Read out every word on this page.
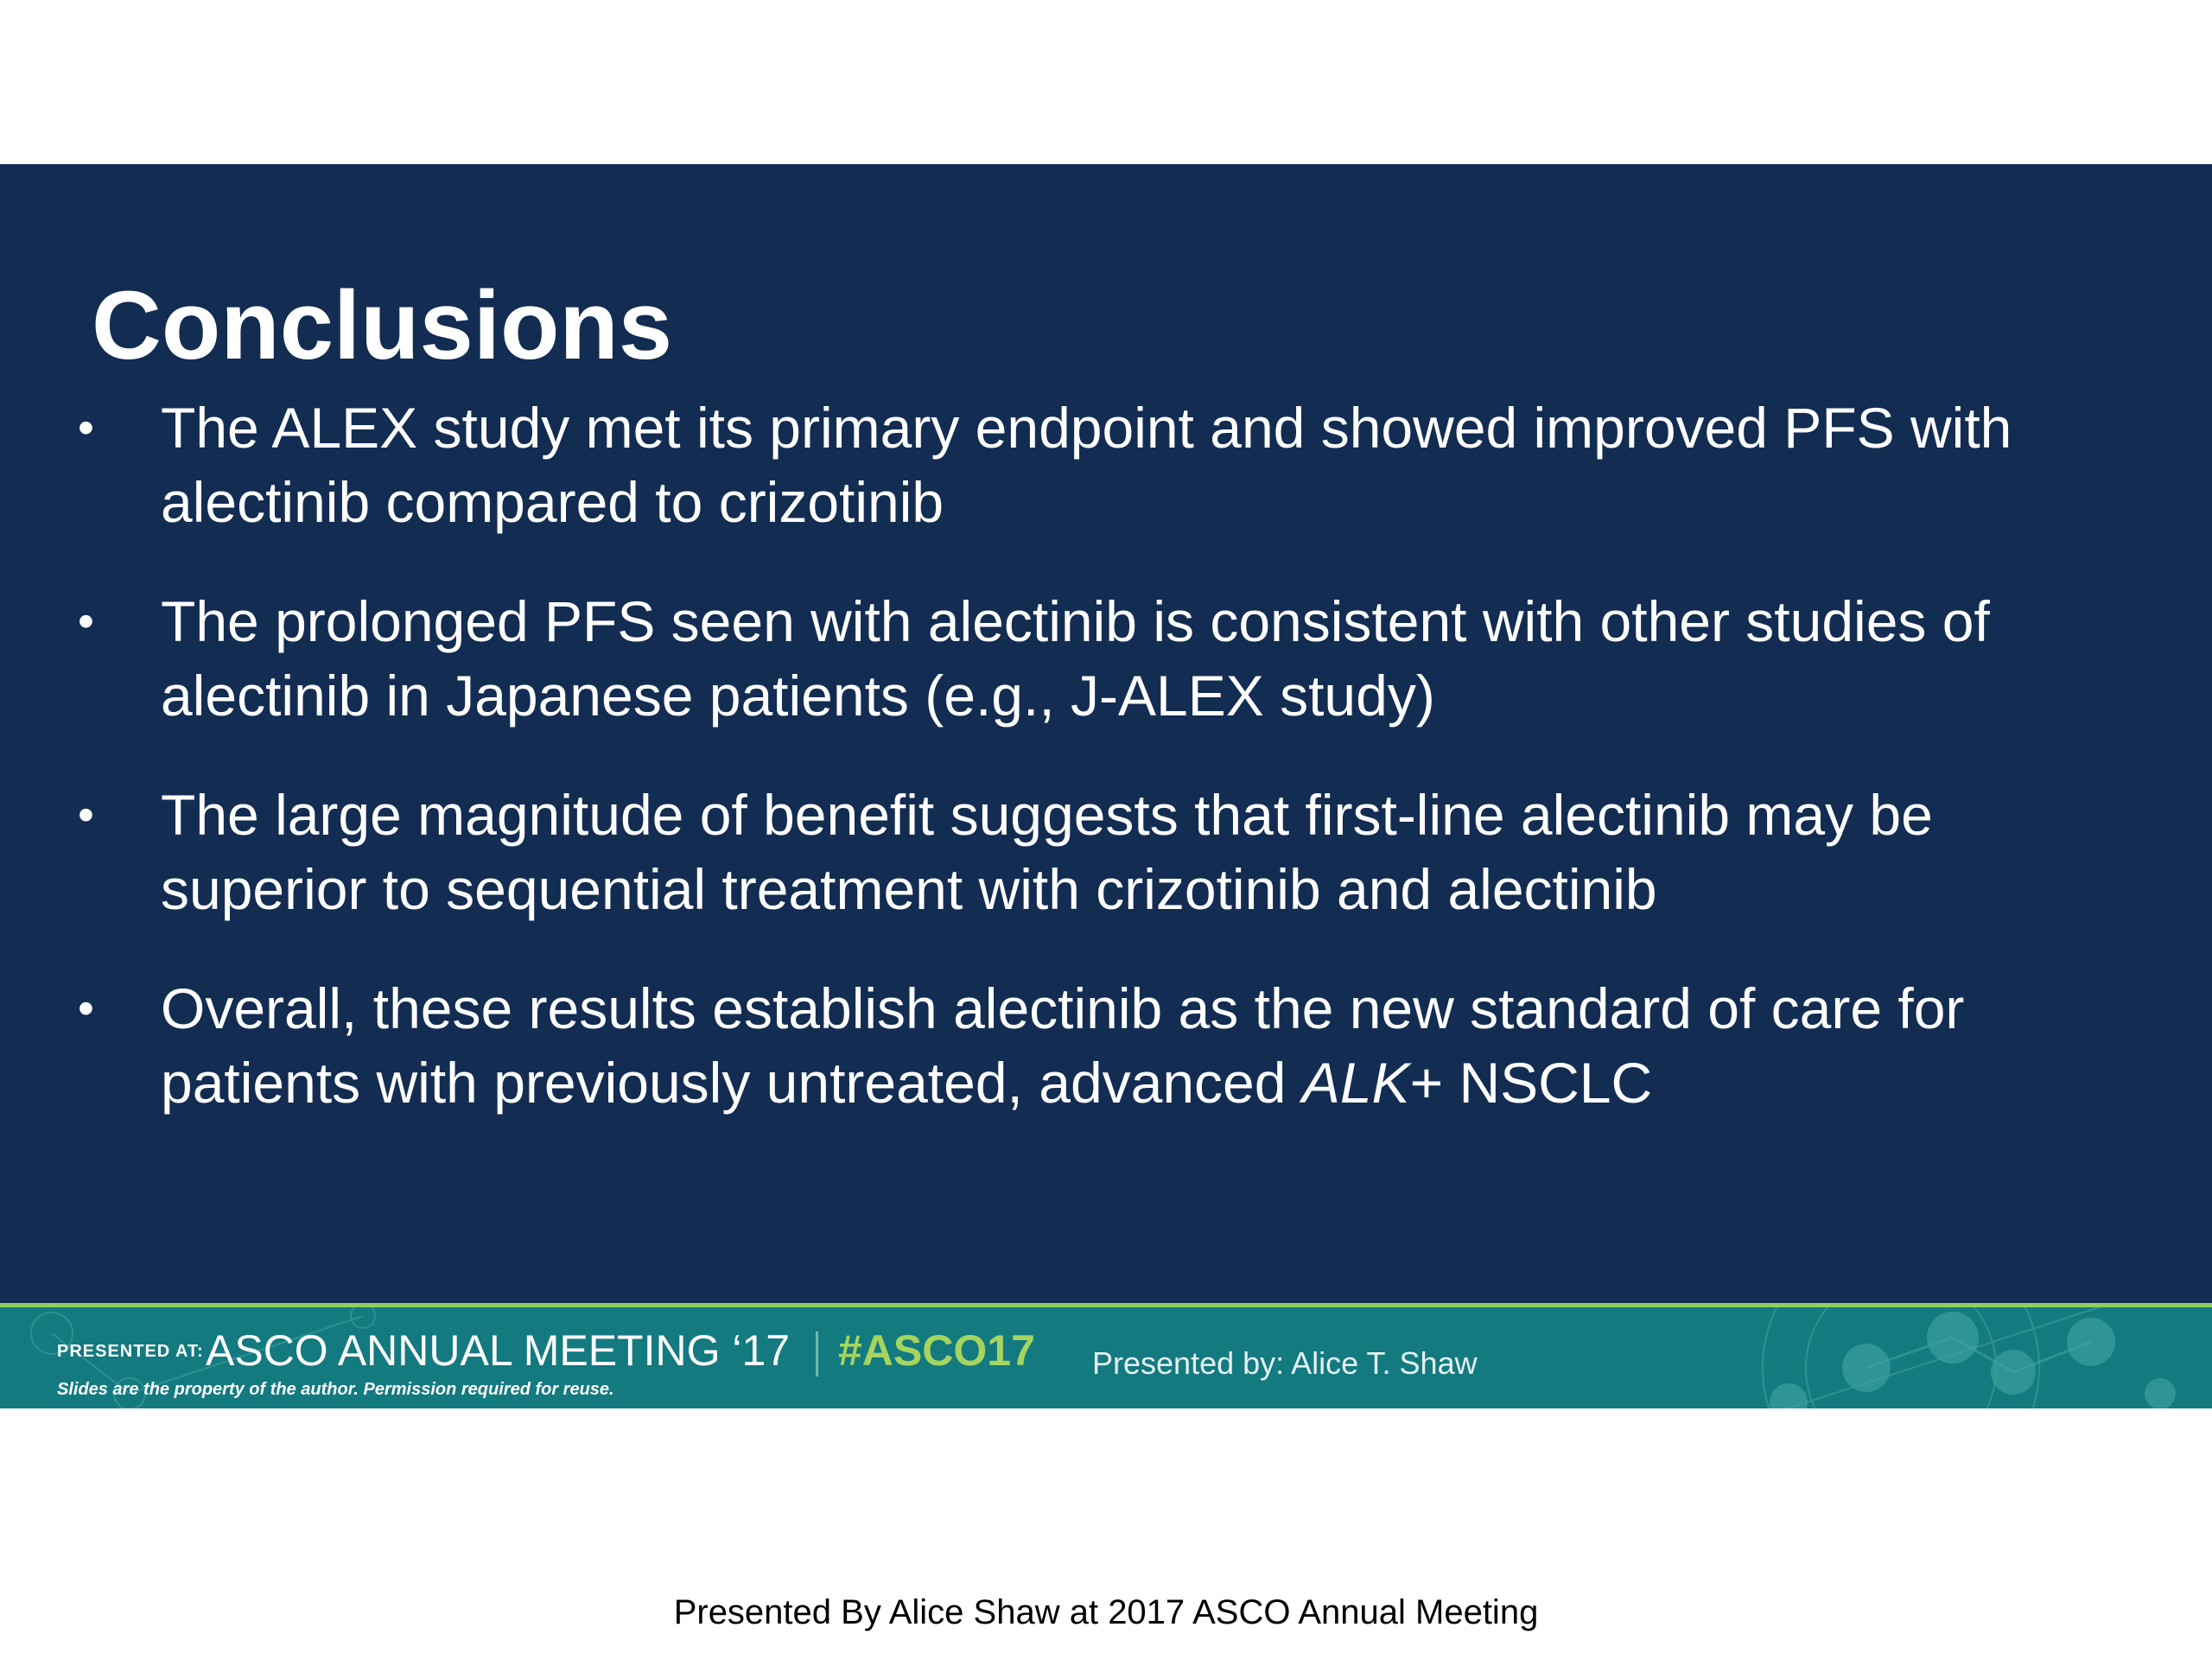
Conclusions
• The ALEX study met its primary endpoint and showed improved PFS with alectinib compared to crizotinib
• The prolonged PFS seen with alectinib is consistent with other studies of alectinib in Japanese patients (e.g., J-ALEX study)
• The large magnitude of benefit suggests that first-line alectinib may be superior to sequential treatment with crizotinib and alectinib
• Overall, these results establish alectinib as the new standard of care for patients with previously untreated, advanced ALK+ NSCLC
PRESENTED AT: ASCO ANNUAL MEETING ‘17 #ASCO17
Slides are the property of the author. Permission required for reuse.
Presented by: Alice T. Shaw
Presented By Alice Shaw at 2017 ASCO Annual Meeting
